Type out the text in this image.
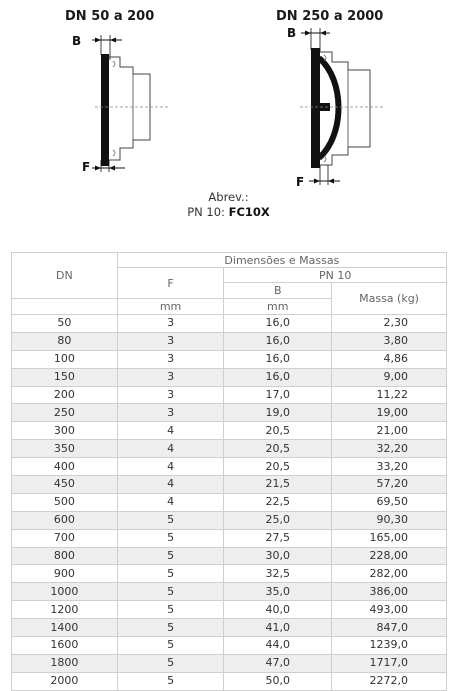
DN 50 a 200	DN 250 a 2000
B
F
B
F
Abrev.:
PN 10: FC10X
DN	Dimensões e Massas		
	F	PN 10	
		B	Massa (kg)
	mm	mm	
50	3	16,0	2,30
80	3	16,0	3,80
100	3	16,0	4,86
150	3	16,0	9,00
200	3	17,0	11,22
250	3	19,0	19,00
300	4	20,5	21,00
350	4	20,5	32,20
400	4	20,5	33,20
450	4	21,5	57,20
500	4	22,5	69,50
600	5	25,0	90,30
700	5	27,5	165,00
800	5	30,0	228,00
900	5	32,5	282,00
1000	5	35,0	386,00
1200	5	40,0	493,00
1400	5	41,0	847,0
1600	5	44,0	1239,0
1800	5	47,0	1717,0
2000	5	50,0	2272,0
